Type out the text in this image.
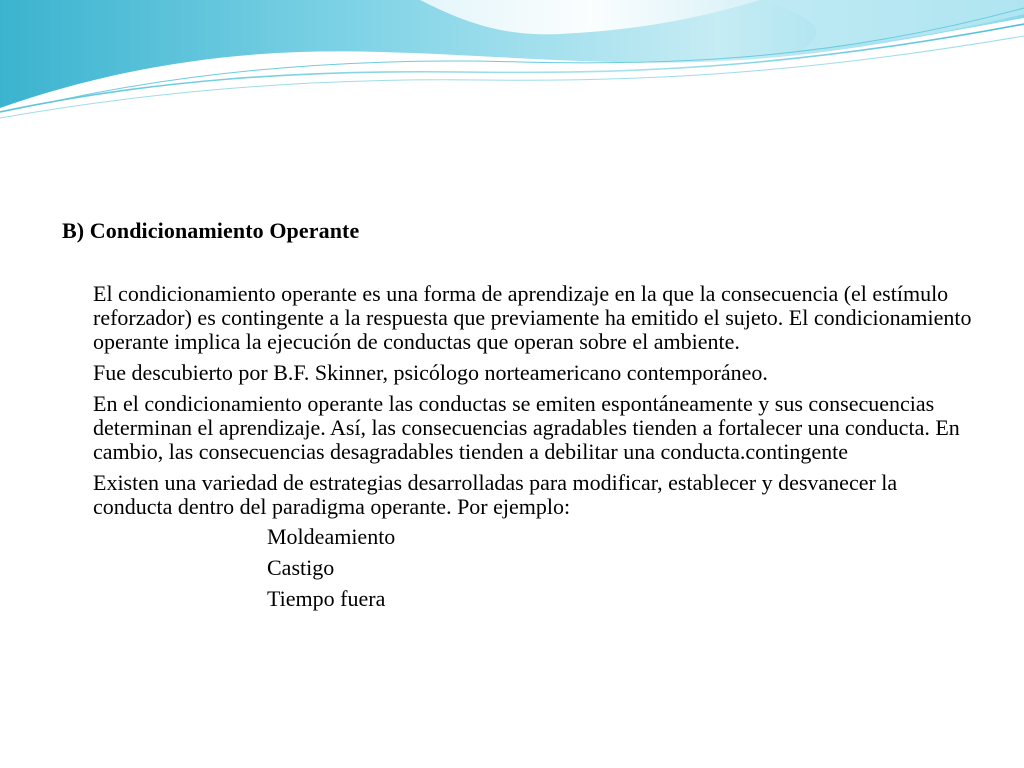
B) Condicionamiento Operante

El condicionamiento operante es una forma de aprendizaje en la que la consecuencia (el estímulo reforzador) es contingente a la respuesta que previamente ha emitido el sujeto. El condicionamiento operante implica la ejecución de conductas que operan sobre el ambiente.

Fue descubierto por B.F. Skinner, psicólogo norteamericano contemporáneo.

En el condicionamiento operante las conductas se emiten espontáneamente y sus consecuencias determinan el aprendizaje. Así, las consecuencias agradables tienden a fortalecer una conducta. En cambio, las consecuencias desagradables tienden a debilitar una conducta.contingente

Existen una variedad de estrategias desarrolladas para modificar, establecer y desvanecer la conducta dentro del paradigma operante. Por ejemplo:

Moldeamiento
Castigo
Tiempo fuera
